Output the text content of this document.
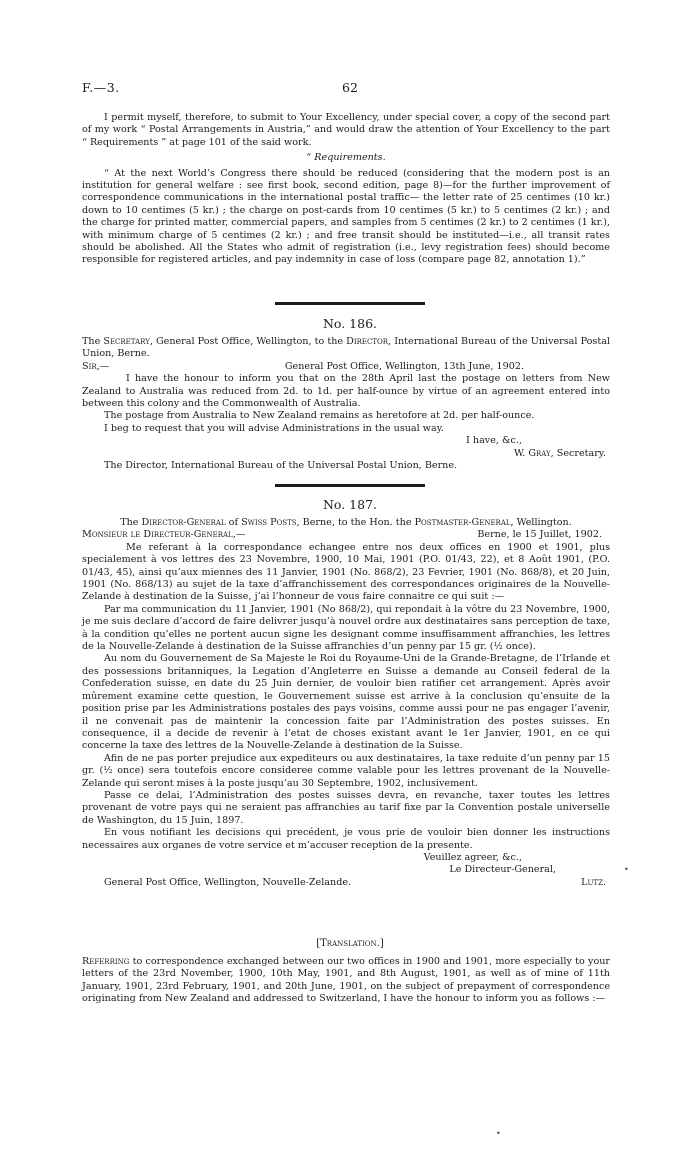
F.—3.	62

I permit myself, therefore, to submit to Your Excellency, under special cover, a copy of the second part of my work “ Postal Arrangements in Austria,” and would draw the attention of Your Excellency to the part “ Requirements ” at page 101 of the said work.

“ Requirements.

“ At the next World’s Congress there should be reduced (considering that the modern post is an institution for general welfare : see first book, second edition, page 8)—for the further improvement of correspondence communications in the international postal traffic— the letter rate of 25 centimes (10 kr.) down to 10 centimes (5 kr.) ; the charge on post-cards from 10 centimes (5 kr.) to 5 centimes (2 kr.) ; and the charge for printed matter, commercial papers, and samples from 5 centimes (2 kr.) to 2 centimes (1 kr.), with minimum charge of 5 centimes (2 kr.) ; and free transit should be instituted—i.e., all transit rates should be abolished. All the States who admit of registration (i.e., levy registration fees) should become responsible for registered articles, and pay indemnity in case of loss (compare page 82, annotation 1).”

No. 186.

The Secretary, General Post Office, Wellington, to the Director, International Bureau of the Universal Postal Union, Berne.

Sir,—	General Post Office, Wellington, 13th June, 1902.

I have the honour to inform you that on the 28th April last the postage on letters from New Zealand to Australia was reduced from 2d. to 1d. per half-ounce by virtue of an agreement entered into between this colony and the Commonwealth of Australia.

The postage from Australia to New Zealand remains as heretofore at 2d. per half-ounce.

I beg to request that you will advise Administrations in the usual way.

I have, &c.,

W. Gray, Secretary.

The Director, International Bureau of the Universal Postal Union, Berne.

No. 187.

The Director-General of Swiss Posts, Berne, to the Hon. the Postmaster-General, Wellington.

Monsieur le Directeur-General,—	Berne, le 15 Juillet, 1902.

Me referant à la correspondance echangee entre nos deux offices en 1900 et 1901, plus specialement à vos lettres des 23 Novembre, 1900, 10 Mai, 1901 (P.O. 01/43, 22), et 8 Août 1901, (P.O. 01/43, 45), ainsi qu’aux miennes des 11 Janvier, 1901 (No. 868/2), 23 Fevrier, 1901 (No. 868/8), et 20 Juin, 1901 (No. 868/13) au sujet de la taxe d’affranchissement des correspondances originaires de la Nouvelle-Zelande à destination de la Suisse, j’ai l’honneur de vous faire connaitre ce qui suit :—

Par ma communication du 11 Janvier, 1901 (No 868/2), qui repondait à la vôtre du 23 Novembre, 1900, je me suis declare d’accord de faire delivrer jusqu’à nouvel ordre aux destinataires sans perception de taxe, à la condition qu’elles ne portent aucun signe les designant comme insuffisamment affranchies, les lettres de la Nouvelle-Zelande à destination de la Suisse affranchies d’un penny par 15 gr. (½ once).

Au nom du Gouvernement de Sa Majeste le Roi du Royaume-Uni de la Grande-Bretagne, de l’Irlande et des possessions britanniques, la Legation d’Angleterre en Suisse a demande au Conseil federal de la Confederation suisse, en date du 25 Juin dernier, de vouloir bien ratifier cet arrangement. Après avoir mûrement examine cette question, le Gouvernement suisse est arrive à la conclusion qu’ensuite de la position prise par les Administrations postales des pays voisins, comme aussi pour ne pas engager l’avenir, il ne convenait pas de maintenir la concession faite par l’Administration des postes suisses. En consequence, il a decide de revenir à l’etat de choses existant avant le 1er Janvier, 1901, en ce qui concerne la taxe des lettres de la Nouvelle-Zelande à destination de la Suisse.

Afin de ne pas porter prejudice aux expediteurs ou aux destinataires, la taxe reduite d’un penny par 15 gr. (½ once) sera toutefois encore consideree comme valable pour les lettres provenant de la Nouvelle-Zelande qui seront mises à la poste jusqu’au 30 Septembre, 1902, inclusivement.

Passe ce delai, l’Administration des postes suisses devra, en revanche, taxer toutes les lettres provenant de votre pays qui ne seraient pas affranchies au tarif fixe par la Convention postale universelle de Washington, du 15 Juin, 1897.

En vous notifiant les decisions qui precédent, je vous prie de vouloir bien donner les instructions necessaires aux organes de votre service et m’accuser reception de la presente.

Veuillez agreer, &c.,

Le Directeur-General,

General Post Office, Wellington, Nouvelle-Zelande.	Lutz.
[Translation.]

Referring to correspondence exchanged between our two offices in 1900 and 1901, more especially to your letters of the 23rd November, 1900, 10th May, 1901, and 8th August, 1901, as well as of mine of 11th January, 1901, 23rd February, 1901, and 20th June, 1901, on the subject of prepayment of correspondence originating from New Zealand and addressed to Switzerland, I have the honour to inform you as follows :—

•
•
